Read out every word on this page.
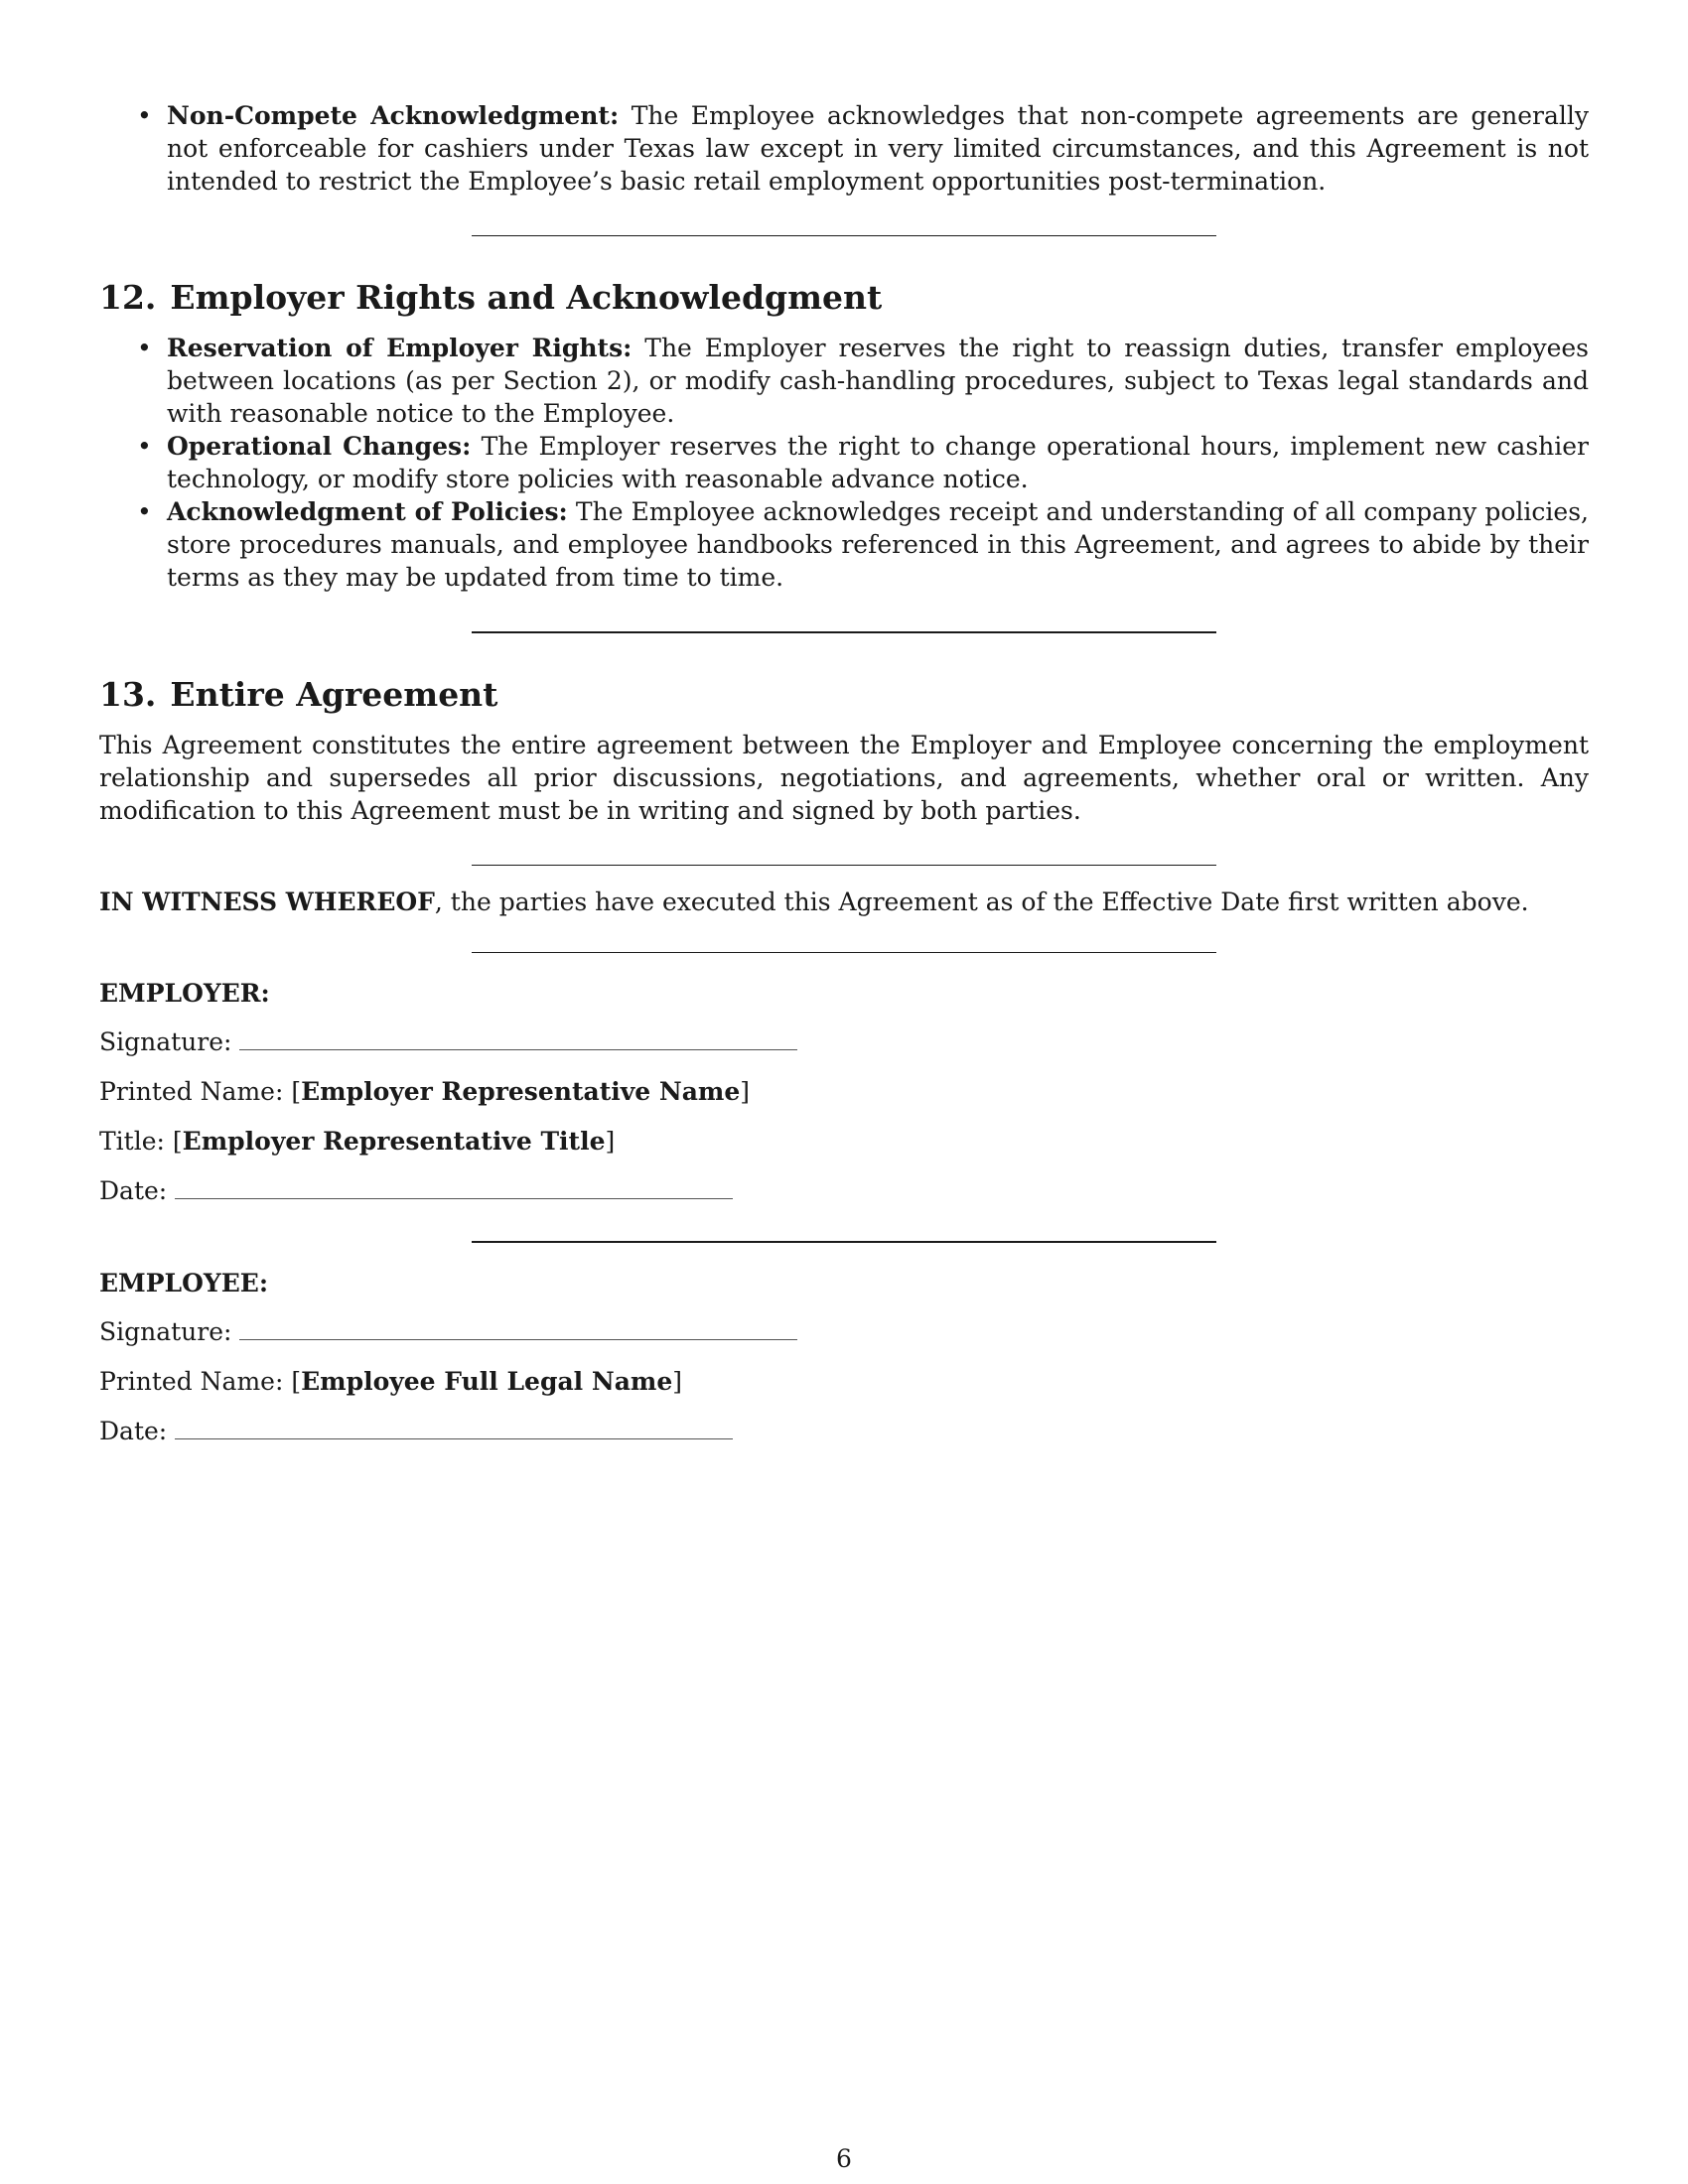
• Non-Compete Acknowledgment: The Employee acknowledges that non-compete agreements are generally not enforceable for cashiers under Texas law except in very limited circumstances, and this Agreement is not intended to restrict the Employee’s basic retail employment opportunities post-termination.
12. Employer Rights and Acknowledgment
• Reservation of Employer Rights: The Employer reserves the right to reassign duties, transfer employees between locations (as per Section 2), or modify cash-handling procedures, subject to Texas legal standards and with reasonable notice to the Employee.
• Operational Changes: The Employer reserves the right to change operational hours, implement new cashier technology, or modify store policies with reasonable advance notice.
• Acknowledgment of Policies: The Employee acknowledges receipt and understanding of all company policies, store procedures manuals, and employee handbooks referenced in this Agreement, and agrees to abide by their terms as they may be updated from time to time.
13. Entire Agreement

This Agreement constitutes the entire agreement between the Employer and Employee concerning the employment relationship and supersedes all prior discussions, negotiations, and agreements, whether oral or written. Any modification to this Agreement must be in writing and signed by both parties.

IN WITNESS WHEREOF, the parties have executed this Agreement as of the Effective Date first written above.

EMPLOYER:

Signature:

Printed Name: [Employer Representative Name]

Title: [Employer Representative Title]

Date:

EMPLOYEE:

Signature:

Printed Name: [Employee Full Legal Name]

Date:

6
